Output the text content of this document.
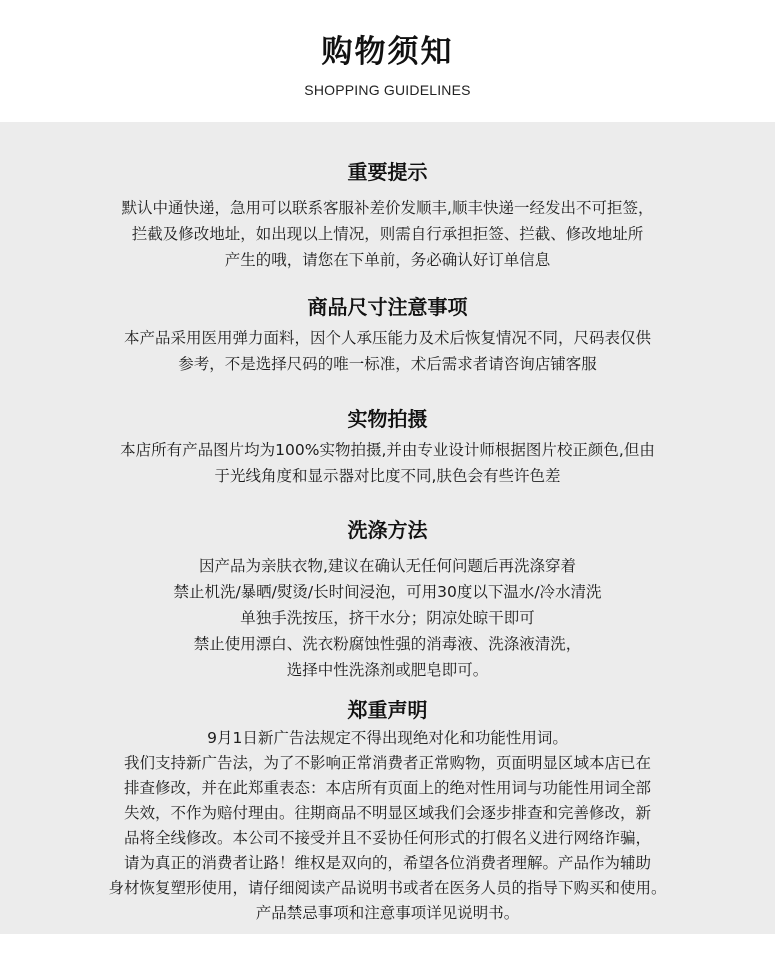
购物须知
SHOPPING GUIDELINES
重要提示
默认中通快递，急用可以联系客服补差价发顺丰,顺丰快递一经发出不可拒签，
拦截及修改地址，如出现以上情况，则需自行承担拒签、拦截、修改地址所
产生的哦，请您在下单前，务必确认好订单信息
商品尺寸注意事项
本产品采用医用弹力面料，因个人承压能力及术后恢复情况不同，尺码表仅供
参考，不是选择尺码的唯一标准，术后需求者请咨询店铺客服
实物拍摄
本店所有产品图片均为100%实物拍摄,并由专业设计师根据图片校正颜色,但由
于光线角度和显示器对比度不同,肤色会有些许色差
洗涤方法
因产品为亲肤衣物,建议在确认无任何问题后再洗涤穿着
禁止机洗/暴晒/熨烫/长时间浸泡，可用30度以下温水/冷水清洗
单独手洗按压，挤干水分；阴凉处晾干即可
禁止使用漂白、洗衣粉腐蚀性强的消毒液、洗涤液清洗，
选择中性洗涤剂或肥皂即可。
郑重声明
9月1日新广告法规定不得出现绝对化和功能性用词。
我们支持新广告法，为了不影响正常消费者正常购物，页面明显区域本店已在
排查修改，并在此郑重表态：本店所有页面上的绝对性用词与功能性用词全部
失效，不作为赔付理由。往期商品不明显区域我们会逐步排查和完善修改，新
品将全线修改。本公司不接受并且不妥协任何形式的打假名义进行网络诈骗，
请为真正的消费者让路！维权是双向的，希望各位消费者理解。产品作为辅助
身材恢复塑形使用，请仔细阅读产品说明书或者在医务人员的指导下购买和使用。
产品禁忌事项和注意事项详见说明书。
